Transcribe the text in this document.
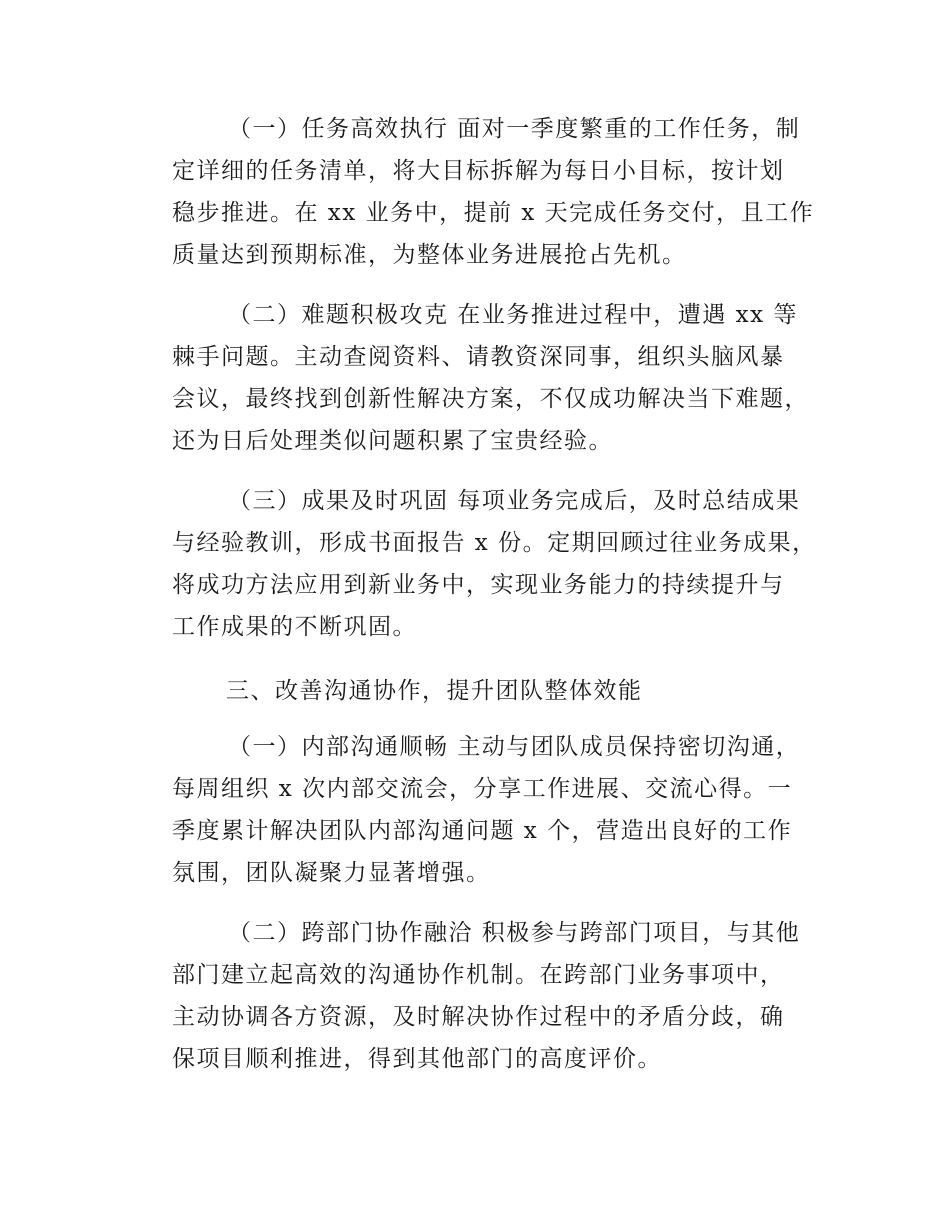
（一）任务高效执行 面对一季度繁重的工作任务，制
定详细的任务清单，将大目标拆解为每日小目标，按计划
稳步推进。在 xx 业务中，提前 x 天完成任务交付，且工作
质量达到预期标准，为整体业务进展抢占先机。

（二）难题积极攻克 在业务推进过程中，遭遇 xx 等
棘手问题。主动查阅资料、请教资深同事，组织头脑风暴
会议，最终找到创新性解决方案，不仅成功解决当下难题，
还为日后处理类似问题积累了宝贵经验。

（三）成果及时巩固 每项业务完成后，及时总结成果
与经验教训，形成书面报告 x 份。定期回顾过往业务成果，
将成功方法应用到新业务中，实现业务能力的持续提升与
工作成果的不断巩固。

三、改善沟通协作，提升团队整体效能

（一）内部沟通顺畅 主动与团队成员保持密切沟通，
每周组织 x 次内部交流会，分享工作进展、交流心得。一
季度累计解决团队内部沟通问题 x 个，营造出良好的工作
氛围，团队凝聚力显著增强。

（二）跨部门协作融洽 积极参与跨部门项目，与其他
部门建立起高效的沟通协作机制。在跨部门业务事项中，
主动协调各方资源，及时解决协作过程中的矛盾分歧，确
保项目顺利推进，得到其他部门的高度评价。
